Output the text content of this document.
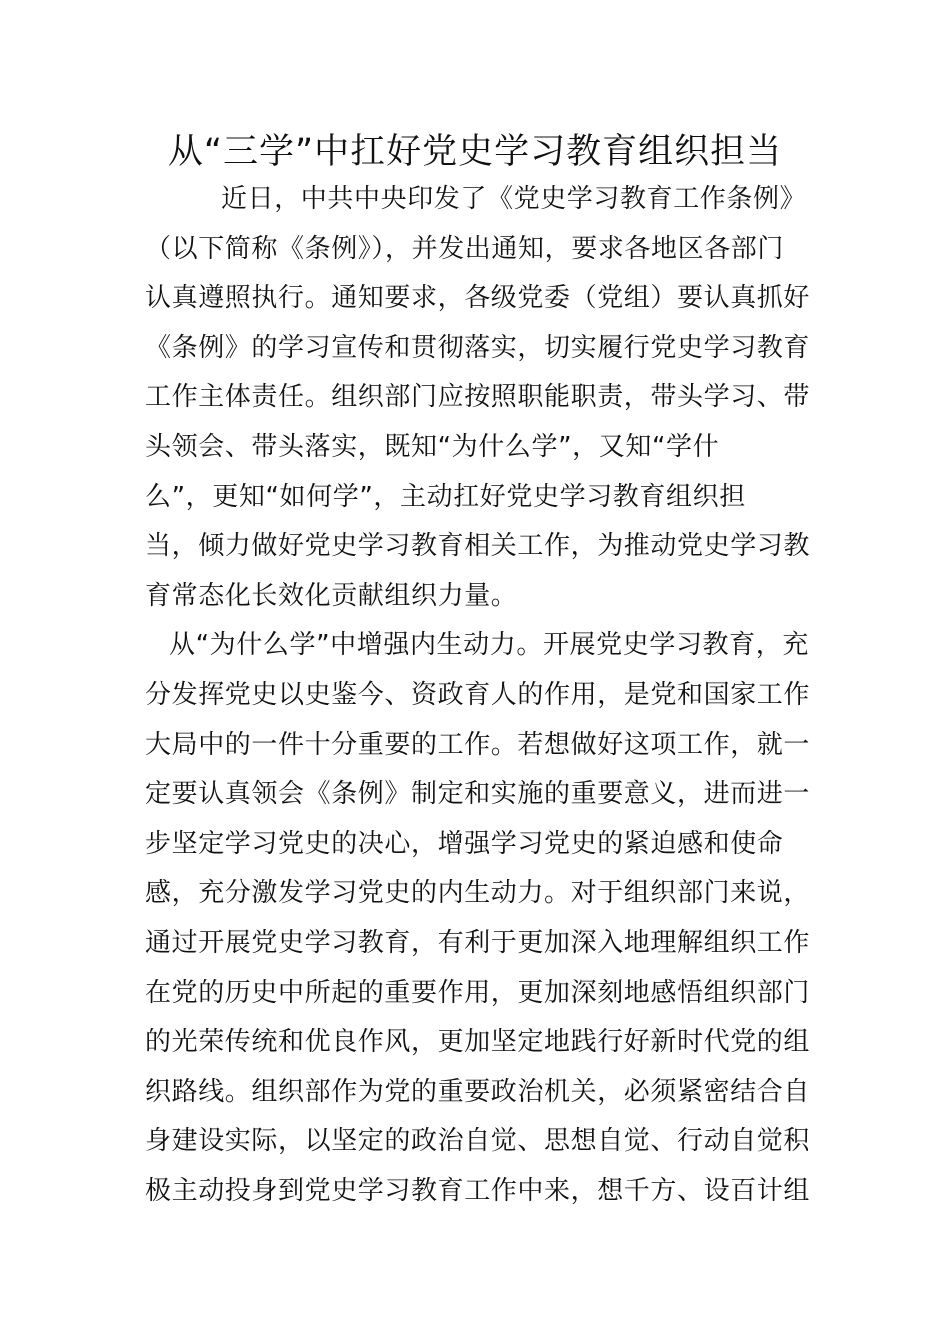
从“三学”中扛好党史学习教育组织担当
近日，中共中央印发了《党史学习教育工作条例》
（以下简称《条例》），并发出通知，要求各地区各部门
认真遵照执行。通知要求，各级党委（党组）要认真抓好
《条例》的学习宣传和贯彻落实，切实履行党史学习教育
工作主体责任。组织部门应按照职能职责，带头学习、带
头领会、带头落实，既知“为什么学”，又知“学什
么”，更知“如何学”，主动扛好党史学习教育组织担
当，倾力做好党史学习教育相关工作，为推动党史学习教
育常态化长效化贡献组织力量。
从“为什么学”中增强内生动力。开展党史学习教育，充
分发挥党史以史鉴今、资政育人的作用，是党和国家工作
大局中的一件十分重要的工作。若想做好这项工作，就一
定要认真领会《条例》制定和实施的重要意义，进而进一
步坚定学习党史的决心，增强学习党史的紧迫感和使命
感，充分激发学习党史的内生动力。对于组织部门来说，
通过开展党史学习教育，有利于更加深入地理解组织工作
在党的历史中所起的重要作用，更加深刻地感悟组织部门
的光荣传统和优良作风，更加坚定地践行好新时代党的组
织路线。组织部作为党的重要政治机关，必须紧密结合自
身建设实际，以坚定的政治自觉、思想自觉、行动自觉积
极主动投身到党史学习教育工作中来，想千方、设百计组
